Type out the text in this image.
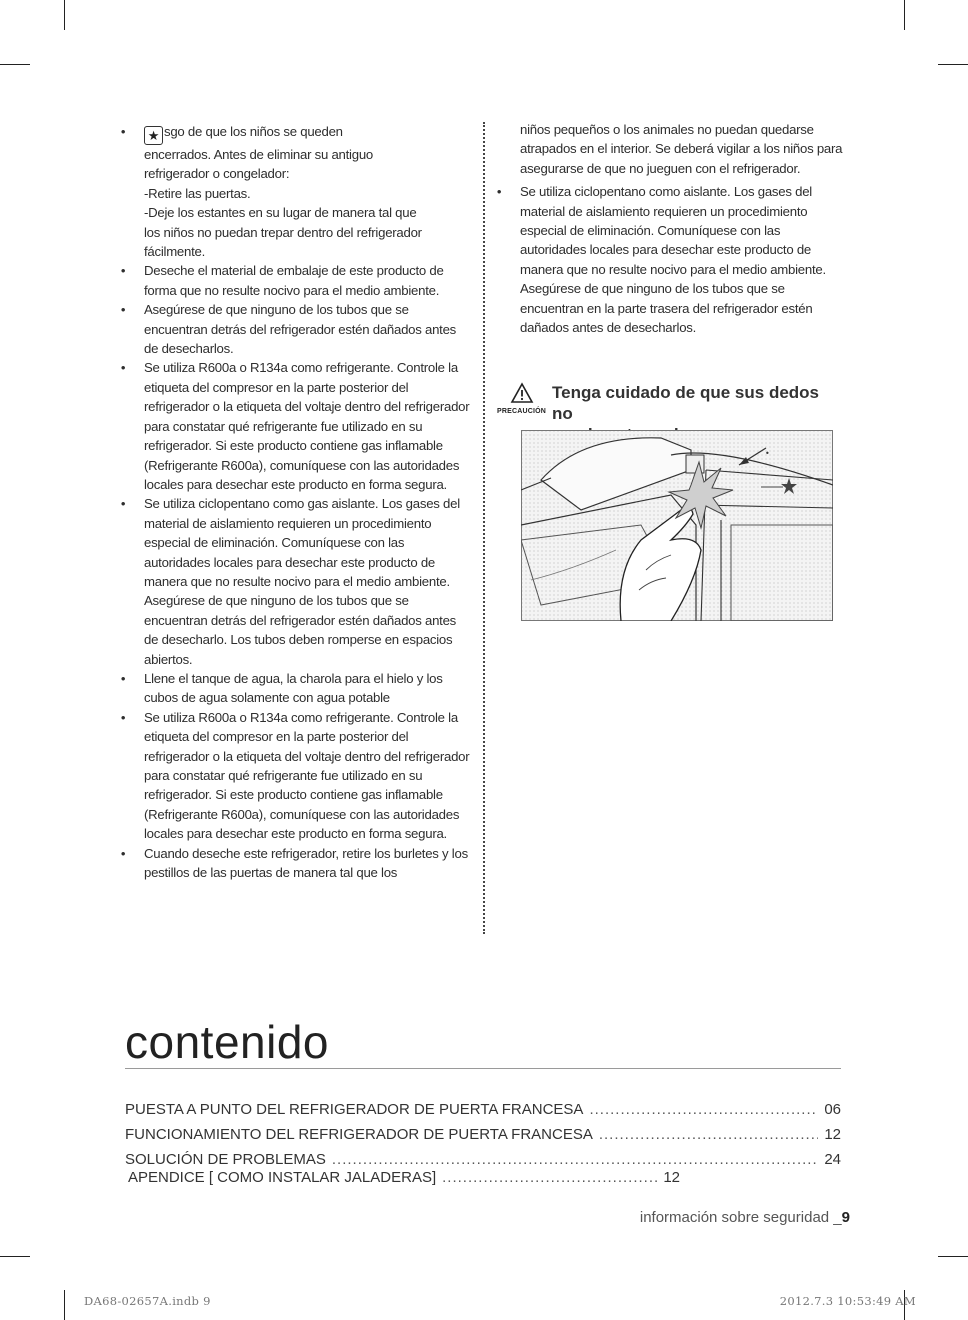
• ★ sgo de que los niños se queden
encerrados. Antes de eliminar su antiguo
refrigerador o congelador:
-Retire las puertas.
-Deje los estantes en su lugar de manera tal que
los niños no puedan trepar dentro del refrigerador
fácilmente.
• Deseche el material de embalaje de este producto de forma que no resulte nocivo para el medio ambiente.
• Asegúrese de que ninguno de los tubos que se encuentran detrás del refrigerador estén dañados antes de desecharlos.
• Se utiliza R600a o R134a como refrigerante. Controle la etiqueta del compresor en la parte posterior del refrigerador o la etiqueta del voltaje dentro del refrigerador para constatar qué refrigerante fue utilizado en su refrigerador. Si este producto contiene gas inflamable (Refrigerante R600a), comuníquese con las autoridades locales para desechar este producto en forma segura.
• Se utiliza ciclopentano como gas aislante. Los gases del material de aislamiento requieren un procedimiento especial de eliminación. Comuníquese con las autoridades locales para desechar este producto de manera que no resulte nocivo para el medio ambiente. Asegúrese de que ninguno de los tubos que se encuentran detrás del refrigerador estén dañados antes de desecharlo. Los tubos deben romperse en espacios abiertos.
• Llene el tanque de agua, la charola para el hielo y los cubos de agua solamente con agua potable
• Se utiliza R600a o R134a como refrigerante. Controle la etiqueta del compresor en la parte posterior del refrigerador o la etiqueta del voltaje dentro del refrigerador para constatar qué refrigerante fue utilizado en su refrigerador. Si este producto contiene gas inflamable (Refrigerante R600a), comuníquese con las autoridades locales para desechar este producto en forma segura.
• Cuando deseche este refrigerador, retire los burletes y los pestillos de las puertas de manera tal que los
niños pequeños o los animales no puedan quedarse atrapados en el interior. Se deberá vigilar a los niños para asegurarse de que no jueguen con el refrigerador.
• Se utiliza ciclopentano como aislante. Los gases del material de aislamiento requieren un procedimiento especial de eliminación. Comuníquese con las autoridades locales para desechar este producto de manera que no resulte nocivo para el medio ambiente. Asegúrese de que ninguno de los tubos que se encuentran en la parte trasera del refrigerador estén dañados antes de desecharlos.
PRECAUCIÓN
Tenga cuidado de que sus dedos no
•
contenido
PUESTA A PUNTO DEL REFRIGERADOR DE PUERTA FRANCESA .....	06
FUNCIONAMIENTO DEL REFRIGERADOR DE PUERTA FRANCESA .....	12
SOLUCIÓN DE PROBLEMAS .....	24
APENDICE [ COMO INSTALAR JALADERAS] .....	12
información sobre seguridad _9
DA68-02657A.indb 9	2012.7.3 10:53:49 AM
